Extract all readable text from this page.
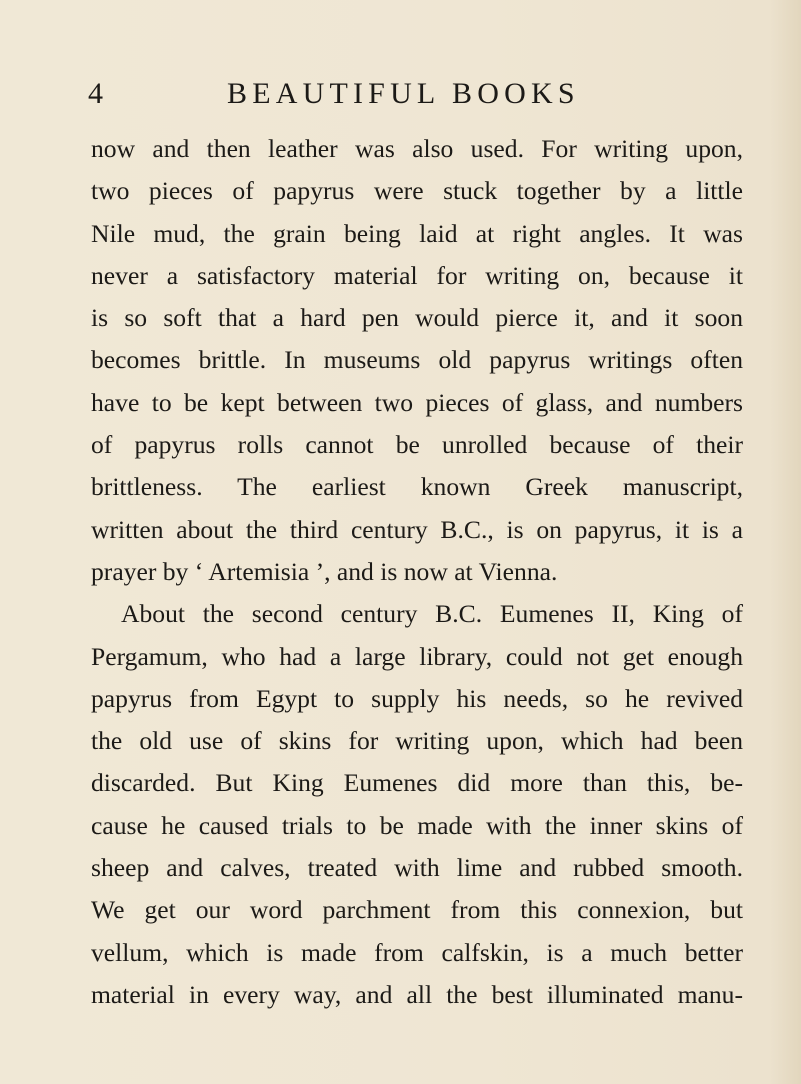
4	BEAUTIFUL BOOKS
now and then leather was also used. For writing upon,
two pieces of papyrus were stuck together by a little
Nile mud, the grain being laid at right angles. It was
never a satisfactory material for writing on, because it
is so soft that a hard pen would pierce it, and it soon
becomes brittle. In museums old papyrus writings often
have to be kept between two pieces of glass, and numbers
of papyrus rolls cannot be unrolled because of their
brittleness. The earliest known Greek manuscript,
written about the third century B.C., is on papyrus, it is a
prayer by ‘ Artemisia ’, and is now at Vienna.
About the second century B.C. Eumenes II, King of
Pergamum, who had a large library, could not get enough
papyrus from Egypt to supply his needs, so he revived
the old use of skins for writing upon, which had been
discarded. But King Eumenes did more than this, be-
cause he caused trials to be made with the inner skins of
sheep and calves, treated with lime and rubbed smooth.
We get our word parchment from this connexion, but
vellum, which is made from calfskin, is a much better
material in every way, and all the best illuminated manu-
